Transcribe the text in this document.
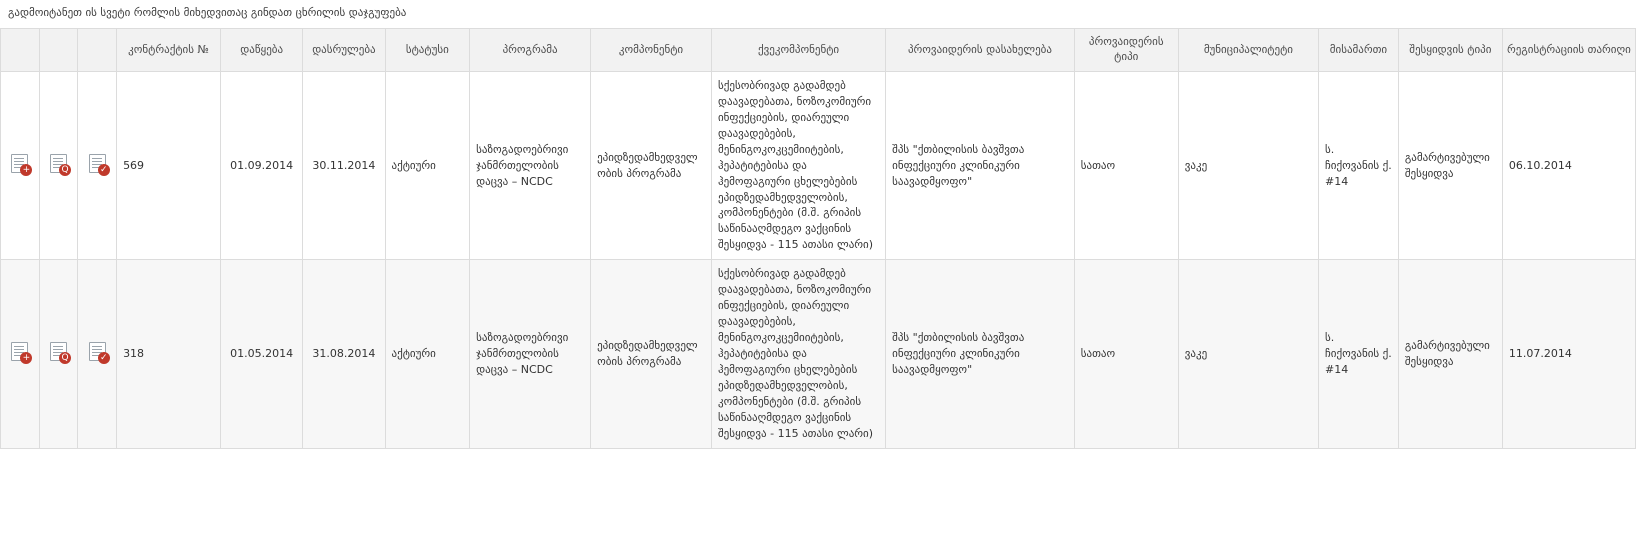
გადმოიტანეთ ის სვეტი რომლის მიხედვითაც გინდათ ცხრილის დაჯგუფება
			კონტრაქტის №	დაწყება	დასრულება	სტატუსი	პროგრამა	კომპონენტი	ქვეკომპონენტი	პროვაიდერის დასახელება	პროვაიდერის ტიპი	მუნიციპალიტეტი	მისამართი	შესყიდვის ტიპი	რეგისტრაციის თარიღი

+	Q	✓	569	01.09.2014	30.11.2014	აქტიური	საზოგადოებრივი ჯანმრთელობის დაცვა – NCDC	ეპიდზედამხედველობის პროგრამა	სქესობრივად გადამდებ დაავადებათა, ნოზოკომიური ინფექციების, დიარეული დაავადებების, მენინგოკოკცემიიტების, ჰეპატიტებისა და ჰემოფაგიური ცხელებების ეპიდზედამხედველობის, კომპონენტები (მ.შ. გრიპის საწინააღმდეგო ვაქცინის შესყიდვა - 115 ათასი ლარი)	შპს "ქთბილისის ბავშვთა ინფექციური კლინიკური საავადმყოფო"	სათაო	ვაკე	ს. ჩიქოვანის ქ. #14	გამარტივებული შესყიდვა	06.10.2014

+	Q	✓	318	01.05.2014	31.08.2014	აქტიური	საზოგადოებრივი ჯანმრთელობის დაცვა – NCDC	ეპიდზედამხედველობის პროგრამა	სქესობრივად გადამდებ დაავადებათა, ნოზოკომიური ინფექციების, დიარეული დაავადებების, მენინგოკოკცემიიტების, ჰეპატიტებისა და ჰემოფაგიური ცხელებების ეპიდზედამხედველობის, კომპონენტები (მ.შ. გრიპის საწინააღმდეგო ვაქცინის შესყიდვა - 115 ათასი ლარი)	შპს "ქთბილისის ბავშვთა ინფექციური კლინიკური საავადმყოფო"	სათაო	ვაკე	ს. ჩიქოვანის ქ. #14	გამარტივებული შესყიდვა	11.07.2014
